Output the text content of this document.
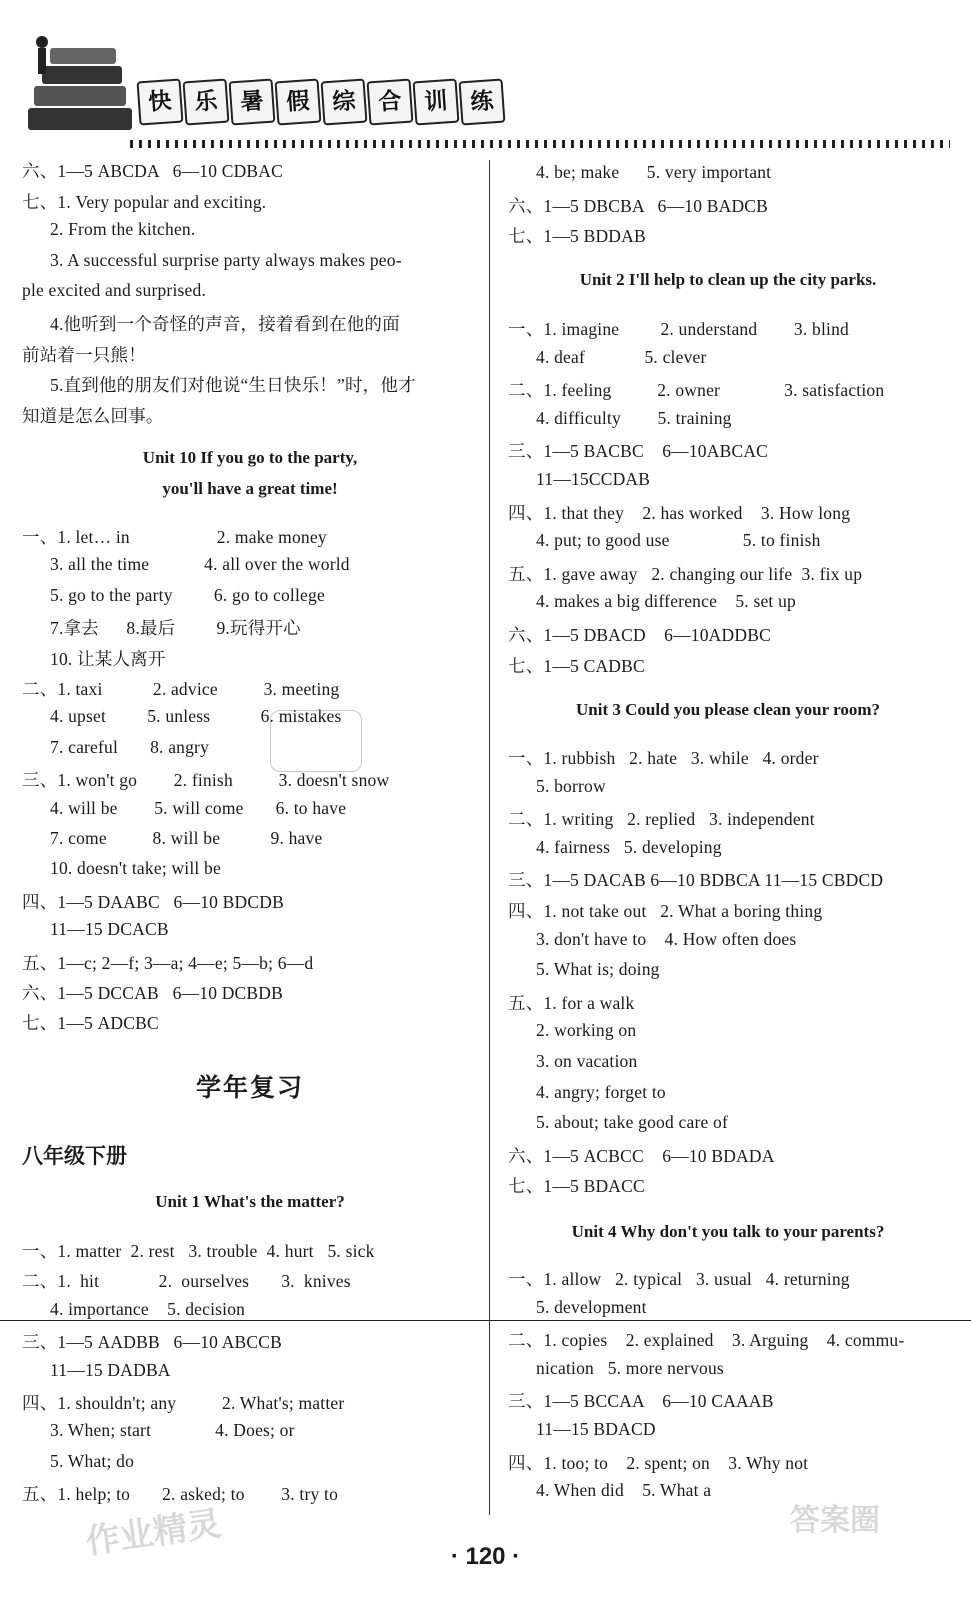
快 乐 暑 假 综 合 训 练
六、1—5 ABCDA   6—10 CDBAC
七、1. Very popular and exciting.
2. From the kitchen.
3. A successful surprise party always makes peo-
ple excited and surprised.
4.他听到一个奇怪的声音，接着看到在他的面
前站着一只熊！
5.直到他的朋友们对他说“生日快乐！”时，他才
知道是怎么回事。
Unit 10 If you go to the party,
you'll have a great time!
一、1. let… in                   2. make money
3. all the time            4. all over the world
5. go to the party         6. go to college
7.拿去      8.最后         9.玩得开心
10. 让某人离开
二、1. taxi           2. advice          3. meeting
4. upset         5. unless           6. mistakes
7. careful       8. angry
三、1. won't go        2. finish          3. doesn't snow
4. will be        5. will come       6. to have
7. come          8. will be           9. have
10. doesn't take; will be
四、1—5 DAABC   6—10 BDCDB
11—15 DCACB
五、1—c; 2—f; 3—a; 4—e; 5—b; 6—d
六、1—5 DCCAB   6—10 DCBDB
七、1—5 ADCBC
学年复习
八年级下册
Unit 1 What's the matter?
一、1. matter  2. rest   3. trouble  4. hurt   5. sick
二、1.  hit             2.  ourselves       3.  knives
4. importance    5. decision
三、1—5 AADBB   6—10 ABCCB
11—15 DADBA
四、1. shouldn't; any          2. What's; matter
3. When; start              4. Does; or
5. What; do
五、1. help; to       2. asked; to        3. try to
4. be; make      5. very important
六、1—5 DBCBA   6—10 BADCB
七、1—5 BDDAB
Unit 2 I'll help to clean up the city parks.
一、1. imagine         2. understand        3. blind
4. deaf             5. clever
二、1. feeling          2. owner              3. satisfaction
4. difficulty        5. training
三、1—5 BACBC    6—10ABCAC
11—15CCDAB
四、1. that they    2. has worked    3. How long
4. put; to good use                5. to finish
五、1. gave away   2. changing our life  3. fix up
4. makes a big difference    5. set up
六、1—5 DBACD    6—10ADDBC
七、1—5 CADBC
Unit 3 Could you please clean your room?
一、1. rubbish   2. hate   3. while   4. order
5. borrow
二、1. writing   2. replied   3. independent
4. fairness   5. developing
三、1—5 DACAB 6—10 BDBCA 11—15 CBDCD
四、1. not take out   2. What a boring thing
3. don't have to    4. How often does
5. What is; doing
五、1. for a walk
2. working on
3. on vacation
4. angry; forget to
5. about; take good care of
六、1—5 ACBCC    6—10 BDADA
七、1—5 BDACC
Unit 4 Why don't you talk to your parents?
一、1. allow   2. typical   3. usual   4. returning
5. development
二、1. copies    2. explained    3. Arguing    4. commu-
nication   5. more nervous
三、1—5 BCCAA    6—10 CAAAB
11—15 BDACD
四、1. too; to    2. spent; on    3. Why not
4. When did    5. What a
作业精灵	答案圈
· 120 ·
